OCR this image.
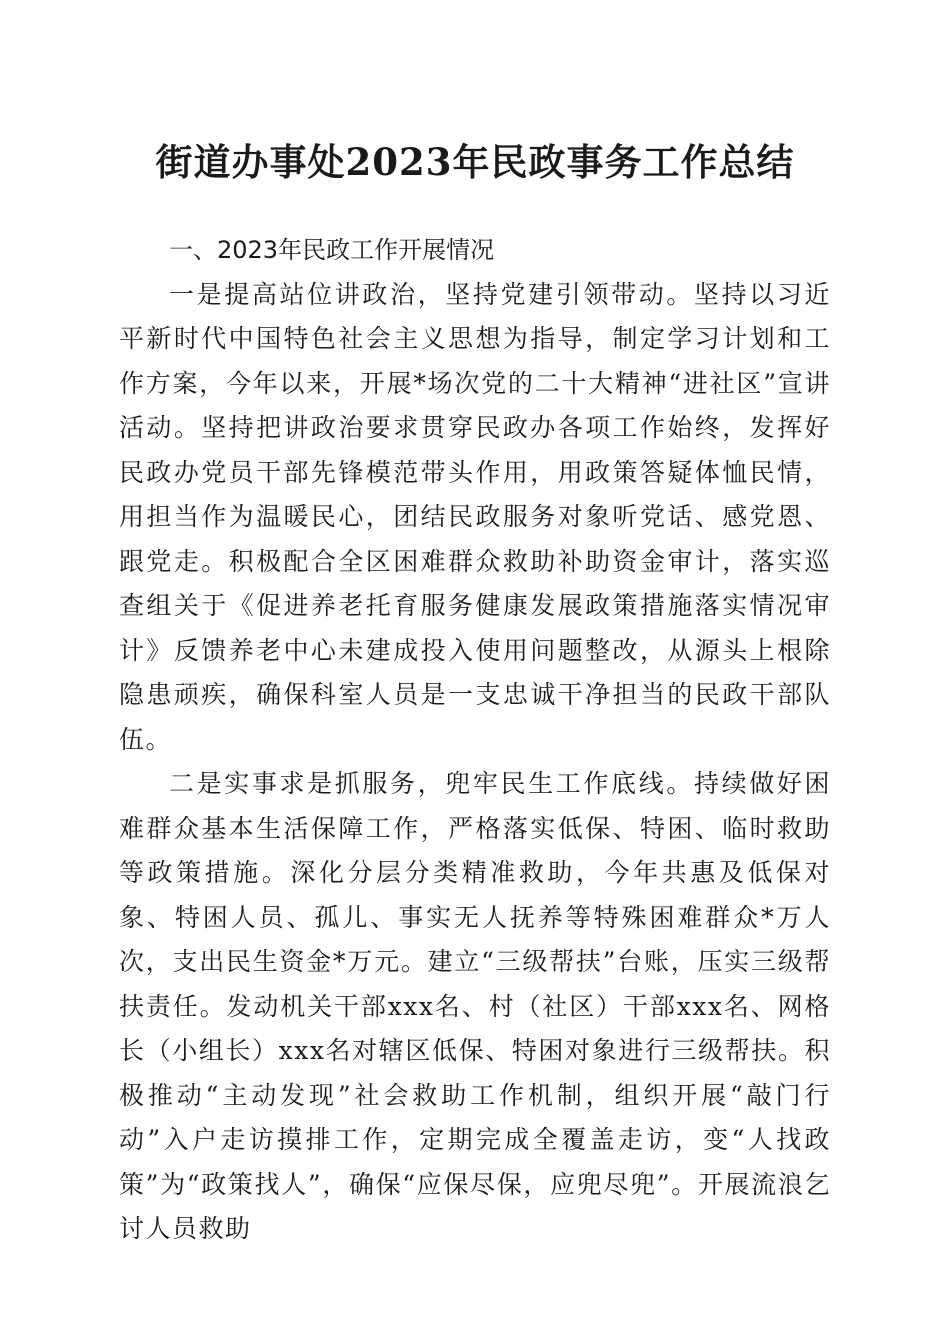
街道办事处2023年民政事务工作总结
一、2023年民政工作开展情况

一是提高站位讲政治，坚持党建引领带动。坚持以习近平新时代中国特色社会主义思想为指导，制定学习计划和工作方案，今年以来，开展*场次党的二十大精神“进社区”宣讲活动。坚持把讲政治要求贯穿民政办各项工作始终，发挥好民政办党员干部先锋模范带头作用，用政策答疑体恤民情，用担当作为温暖民心，团结民政服务对象听党话、感党恩、跟党走。积极配合全区困难群众救助补助资金审计，落实巡查组关于《促进养老托育服务健康发展政策措施落实情况审计》反馈养老中心未建成投入使用问题整改，从源头上根除隐患顽疾，确保科室人员是一支忠诚干净担当的民政干部队伍。

二是实事求是抓服务，兜牢民生工作底线。持续做好困难群众基本生活保障工作，严格落实低保、特困、临时救助等政策措施。深化分层分类精准救助，今年共惠及低保对象、特困人员、孤儿、事实无人抚养等特殊困难群众*万人次，支出民生资金*万元。建立“三级帮扶”台账，压实三级帮扶责任。发动机关干部xxx名、村（社区）干部xxx名、网格长（小组长）xxx名对辖区低保、特困对象进行三级帮扶。积极推动“主动发现”社会救助工作机制，组织开展“敲门行动”入户走访摸排工作，定期完成全覆盖走访，变“人找政策”为“政策找人”，确保“应保尽保，应兜尽兜”。开展流浪乞讨人员救助
